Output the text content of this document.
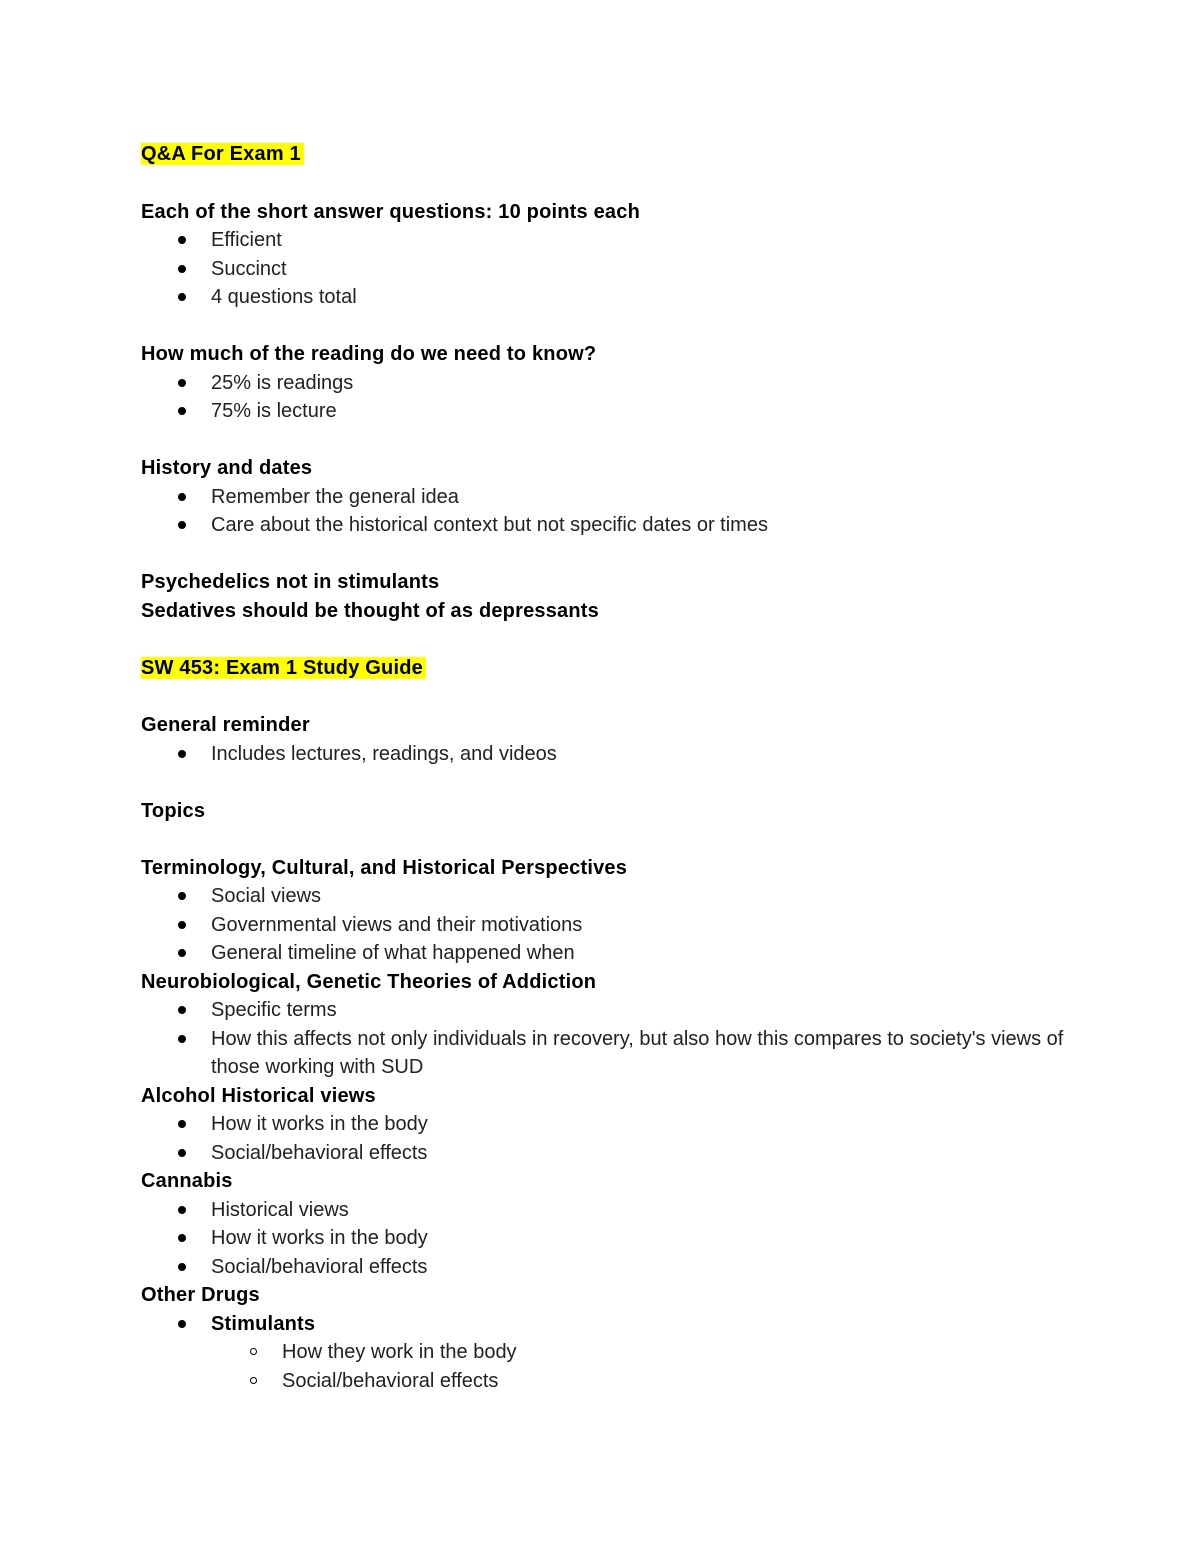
Q&A For Exam 1
Each of the short answer questions: 10 points each
Efficient
Succinct
4 questions total
How much of the reading do we need to know?
25% is readings
75% is lecture
History and dates
Remember the general idea
Care about the historical context but not specific dates or times
Psychedelics not in stimulants
Sedatives should be thought of as depressants
SW 453: Exam 1 Study Guide
General reminder
Includes lectures, readings, and videos
Topics
Terminology, Cultural, and Historical Perspectives
Social views
Governmental views and their motivations
General timeline of what happened when
Neurobiological, Genetic Theories of Addiction
Specific terms
How this affects not only individuals in recovery, but also how this compares to society's views of those working with SUD
Alcohol Historical views
How it works in the body
Social/behavioral effects
Cannabis
Historical views
How it works in the body
Social/behavioral effects
Other Drugs
Stimulants
How they work in the body
Social/behavioral effects
